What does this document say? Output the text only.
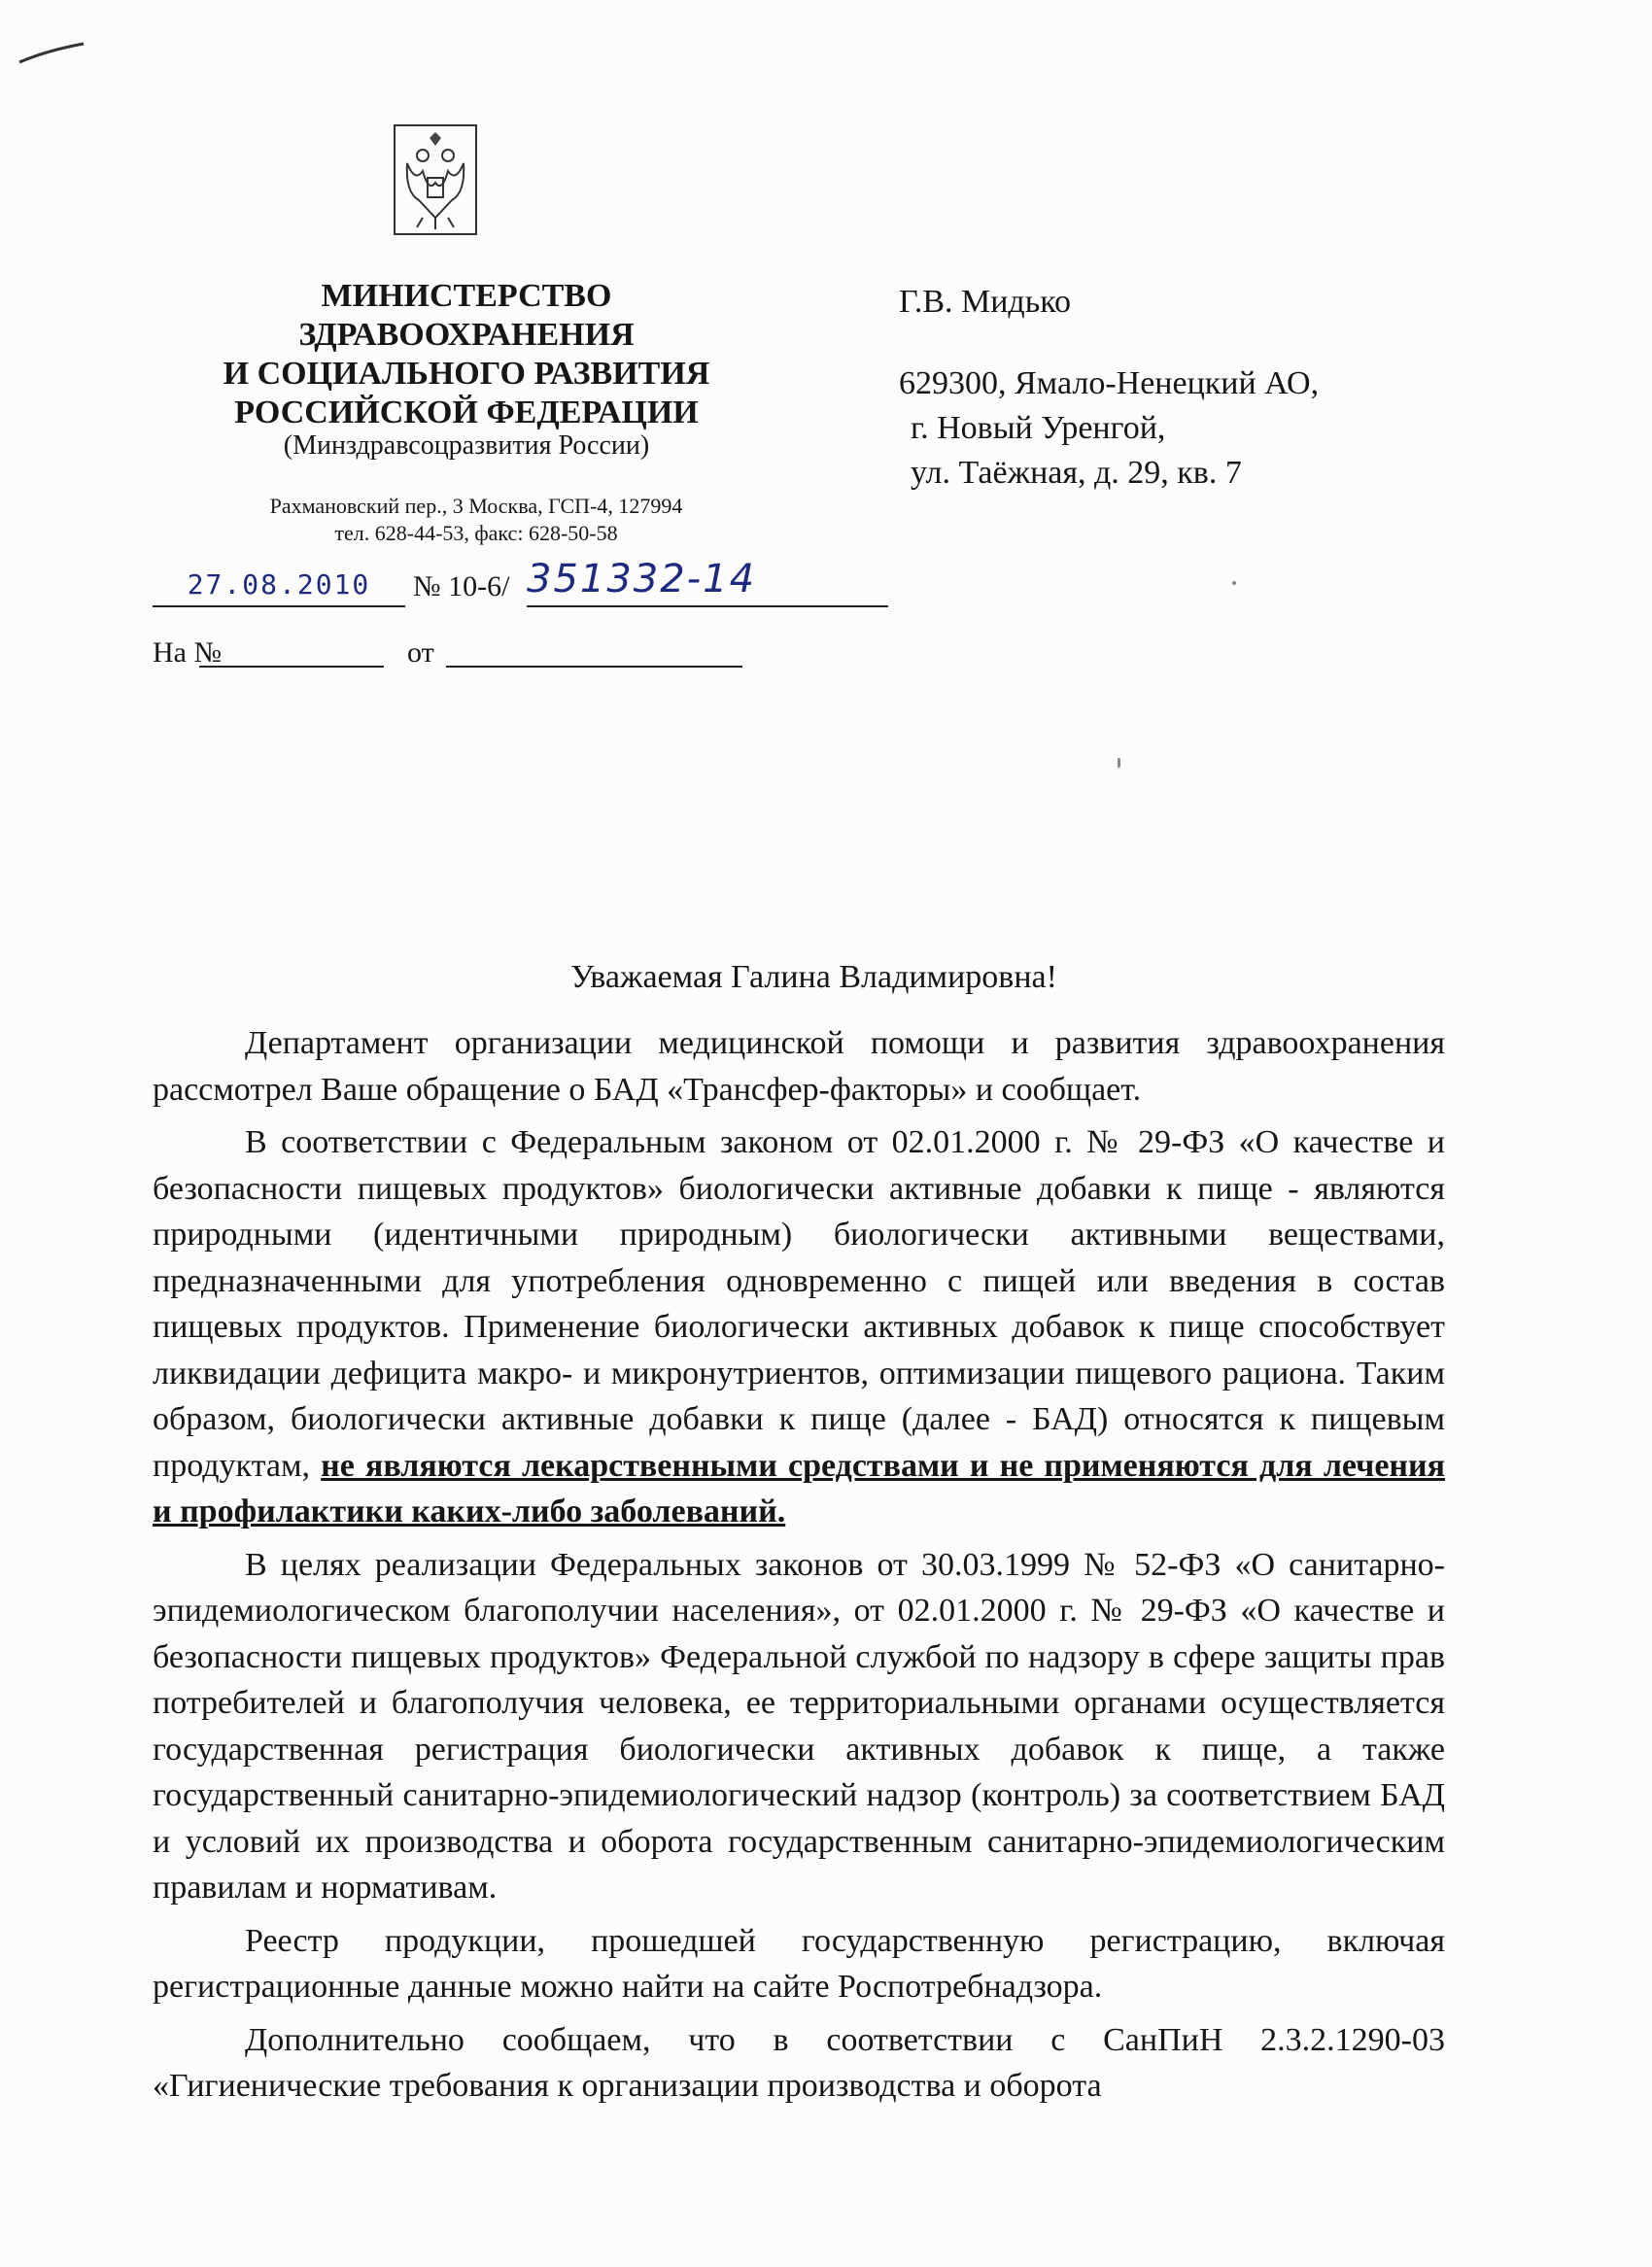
МИНИСТЕРСТВО
ЗДРАВООХРАНЕНИЯ
И СОЦИАЛЬНОГО РАЗВИТИЯ
РОССИЙСКОЙ ФЕДЕРАЦИИ
(Минздравсоцразвития России)
Рахмановский пер., 3 Москва, ГСП-4, 127994
тел. 628-44-53, факс: 628-50-58
27.08.2010	№ 10-6/ 351332-14
На №	от
Г.В. Мидько
629300, Ямало-Ненецкий АО,
г. Новый Уренгой,
ул. Таёжная, д. 29, кв. 7
Уважаемая Галина Владимировна!

Департамент организации медицинской помощи и развития здравоохранения рассмотрел Ваше обращение о БАД «Трансфер-факторы» и сообщает.

В соответствии с Федеральным законом от 02.01.2000 г. № 29-ФЗ «О качестве и безопасности пищевых продуктов» биологически активные добавки к пище - являются природными (идентичными природным) биологически активными веществами, предназначенными для употребления одновременно с пищей или введения в состав пищевых продуктов. Применение биологически активных добавок к пище способствует ликвидации дефицита макро- и микронутриентов, оптимизации пищевого рациона. Таким образом, биологически активные добавки к пище (далее - БАД) относятся к пищевым продуктам, не являются лекарственными средствами и не применяются для лечения и профилактики каких-либо заболеваний.

В целях реализации Федеральных законов от 30.03.1999 № 52-ФЗ «О санитарно-эпидемиологическом благополучии населения», от 02.01.2000 г. № 29-ФЗ «О качестве и безопасности пищевых продуктов» Федеральной службой по надзору в сфере защиты прав потребителей и благополучия человека, ее территориальными органами осуществляется государственная регистрация биологически активных добавок к пище, а также государственный санитарно-эпидемиологический надзор (контроль) за соответствием БАД и условий их производства и оборота государственным санитарно-эпидемиологическим правилам и нормативам.

Реестр продукции, прошедшей государственную регистрацию, включая регистрационные данные можно найти на сайте Роспотребнадзора.

Дополнительно сообщаем, что в соответствии с СанПиН 2.3.2.1290-03 «Гигиенические требования к организации производства и оборота
